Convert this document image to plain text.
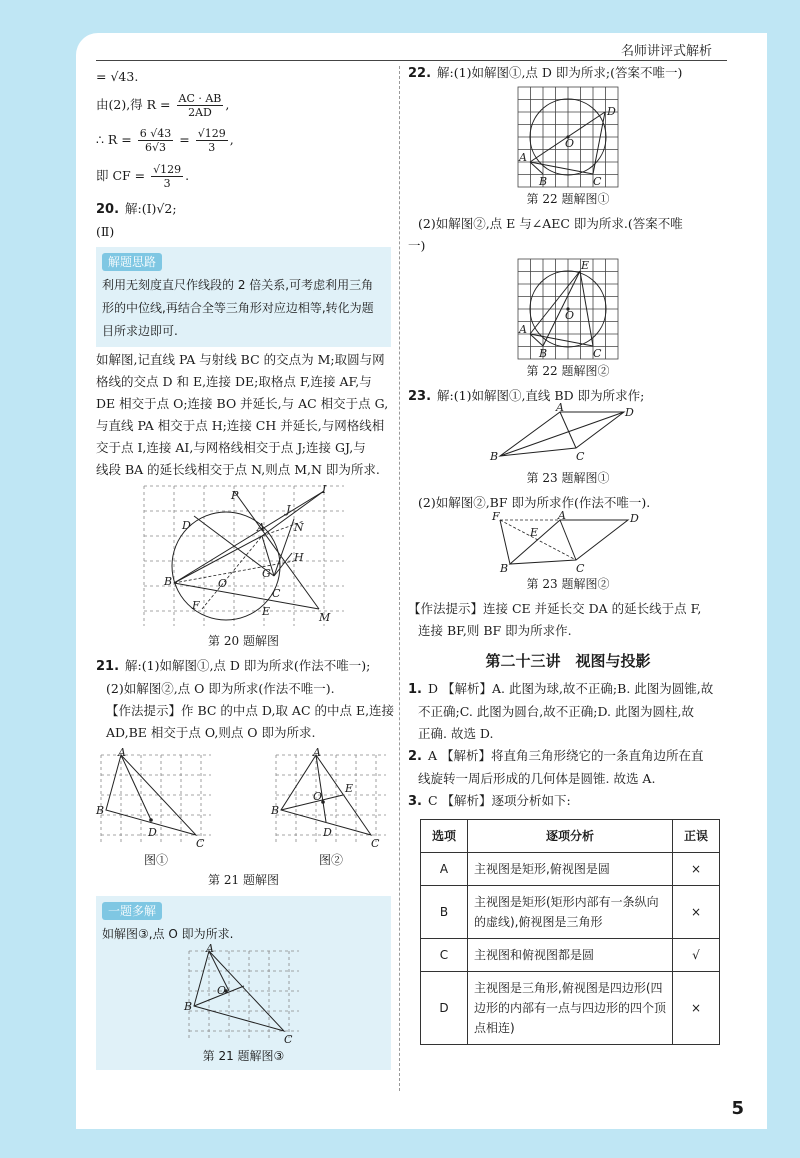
名师讲评式解析
5
= √43.
由(2),得 $R = \frac{AC \cdot AB}{2AD}$ ,
∴ $R = \frac{6 √43}{6√3} = \frac{√129}{3}$ ,
即 CF = $\frac{√129}{3}$ .
20. 解:(Ⅰ)√2;
(Ⅱ)
解题思路
利用无刻度直尺作线段的 2 倍关系,可考虑利用三角形的中位线,再结合全等三角形对应边相等,转化为题目所求边即可.
如解图,记直线 PA 与射线 BC 的交点为 M;取圆与网
格线的交点 D 和 E,连接 DE;取格点 F,连接 AF,与
DE 相交于点 O;连接 BO 并延长,与 AC 相交于点 G,
与直线 PA 相交于点 H;连接 CH 并延长,与网格线相
交于点 I,连接 AI,与网格线相交于点 J;连接 GJ,与
线段 BA 的延长线相交于点 N,则点 M,N 即为所求.
P	I
J
D	A	N
H
B	O
G
F	E
C
M
第 20 题解图
21. 解:(1)如解图①,点 D 即为所求(作法不唯一);
(2)如解图②,点 O 即为所求(作法不唯一).
【作法提示】作 BC 的中点 D,取 AC 的中点 E,连接
AD,BE 相交于点 O,则点 O 即为所求.
A
B
D
C
图①
A
B
E
O
D
C
图②
第 21 题解图
一题多解
如解图③,点 O 即为所求.
A
B
O
C
第 21 题解图③
22. 解:(1)如解图①,点 D 即为所求;(答案不唯一)
A
B	C
D
O
第 22 题解图①
(2)如解图②,点 E 与∠AEC 即为所求.(答案不唯
一)
A
B	C
E
O
第 22 题解图②
23. 解:(1)如解图①,直线 BD 即为所求作;
B
A	D
C
第 23 题解图①
(2)如解图②,BF 即为所求作(作法不唯一).
F
E
A	D
B	C
第 23 题解图②
【作法提示】连接 CE 并延长交 DA 的延长线于点 F,
连接 BF,则 BF 即为所求作.
第二十三讲　视图与投影
1. D 【解析】A. 此图为球,故不正确;B. 此图为圆锥,故
不正确;C. 此图为圆台,故不正确;D. 此图为圆柱,故
正确. 故选 D.
2. A 【解析】将直角三角形绕它的一条直角边所在直
线旋转一周后形成的几何体是圆锥. 故选 A.
3. C 【解析】逐项分析如下:
选项	逐项分析	正误
A	主视图是矩形,俯视图是圆	×
B	主视图是矩形(矩形内部有一条纵向的虚线),俯视图是三角形	×
C	主视图和俯视图都是圆	√
D	主视图是三角形,俯视图是四边形(四边形的内部有一点与四边形的四个顶点相连)	×
